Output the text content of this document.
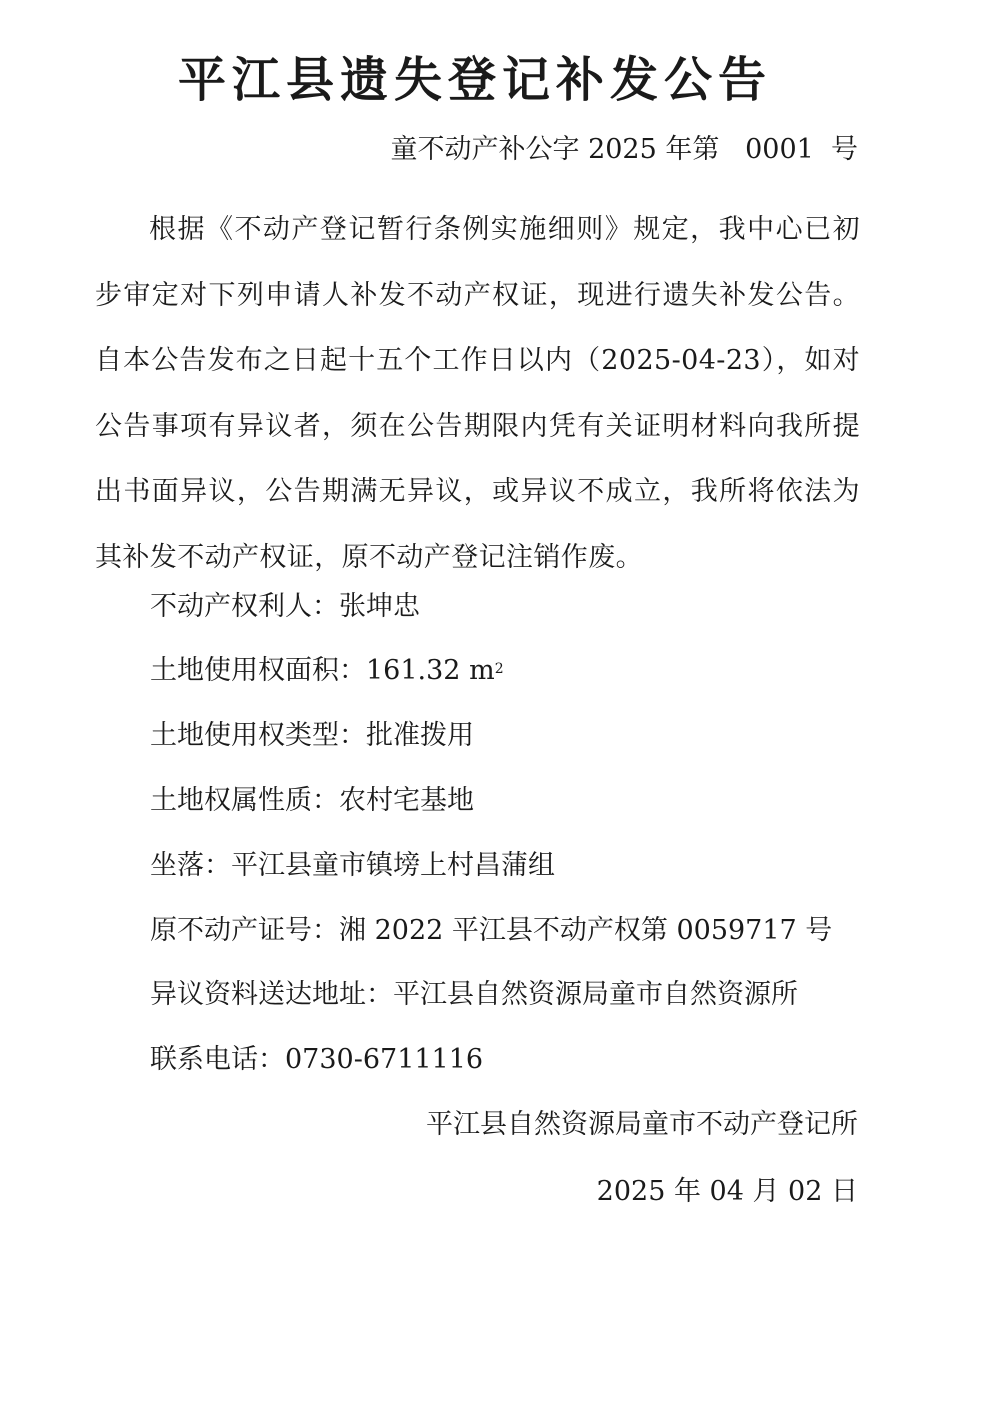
平江县遗失登记补发公告
童不动产补公字 2025 年第   0001  号
根据《不动产登记暂行条例实施细则》规定，我中心已初步审定对下列申请人补发不动产权证，现进行遗失补发公告。自本公告发布之日起十五个工作日以内（2025-04-23），如对公告事项有异议者，须在公告期限内凭有关证明材料向我所提出书面异议，公告期满无异议，或异议不成立，我所将依法为其补发不动产权证，原不动产登记注销作废。
不动产权利人：张坤忠
土地使用权面积：161.32 $m^2$
土地使用权类型：批准拨用
土地权属性质：农村宅基地
坐落：平江县童市镇塝上村昌蒲组
原不动产证号：湘 2022 平江县不动产权第 0059717 号
异议资料送达地址：平江县自然资源局童市自然资源所
联系电话：0730-6711116
平江县自然资源局童市不动产登记所
2025 年 04 月 02 日
